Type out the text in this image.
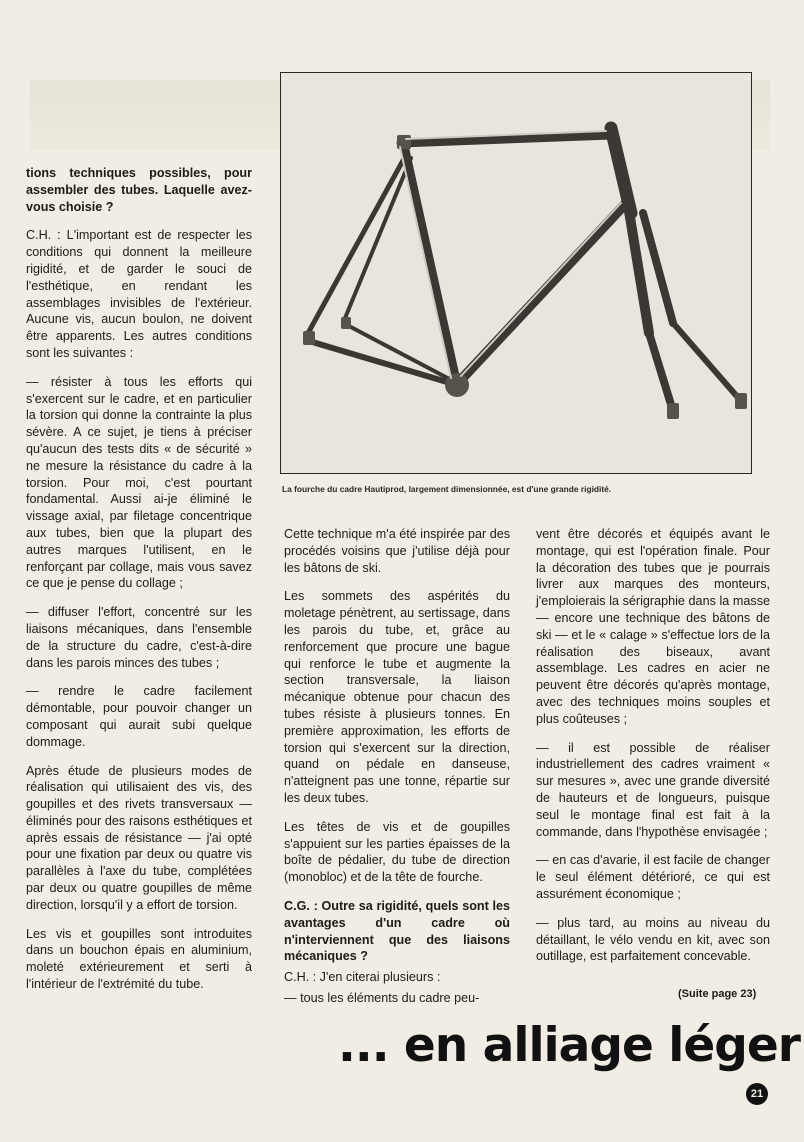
tions techniques possibles, pour assembler des tubes. Laquelle avez-vous choisie ?

C.H. : L'important est de respecter les conditions qui donnent la meilleure rigidité, et de garder le souci de l'esthétique, en rendant les assemblages invisibles de l'extérieur. Aucune vis, aucun boulon, ne doivent être apparents. Les autres conditions sont les suivantes :

— résister à tous les efforts qui s'exercent sur le cadre, et en particulier la torsion qui donne la contrainte la plus sévère. A ce sujet, je tiens à préciser qu'aucun des tests dits « de sécurité » ne mesure la résistance du cadre à la torsion. Pour moi, c'est pourtant fondamental. Aussi ai-je éliminé le vissage axial, par filetage concentrique aux tubes, bien que la plupart des autres marques l'utilisent, en le renforçant par collage, mais vous savez ce que je pense du collage ;

— diffuser l'effort, concentré sur les liaisons mécaniques, dans l'ensemble de la structure du cadre, c'est-à-dire dans les parois minces des tubes ;

— rendre le cadre facilement démontable, pour pouvoir changer un composant qui aurait subi quelque dommage.

Après étude de plusieurs modes de réalisation qui utilisaient des vis, des goupilles et des rivets transversaux — éliminés pour des raisons esthétiques et après essais de résistance — j'ai opté pour une fixation par deux ou quatre vis parallèles à l'axe du tube, complétées par deux ou quatre goupilles de même direction, lorsqu'il y a effort de torsion.

Les vis et goupilles sont introduites dans un bouchon épais en aluminium, moleté extérieurement et serti à l'intérieur de l'extrémité du tube.

La fourche du cadre Hautiprod, largement dimensionnée, est d'une grande rigidité.

Cette technique m'a été inspirée par des procédés voisins que j'utilise déjà pour les bâtons de ski.

Les sommets des aspérités du moletage pénètrent, au sertissage, dans les parois du tube, et, grâce au renforcement que procure une bague qui renforce le tube et augmente la section transversale, la liaison mécanique obtenue pour chacun des tubes résiste à plusieurs tonnes. En première approximation, les efforts de torsion qui s'exercent sur la direction, quand on pédale en danseuse, n'atteignent pas une tonne, répartie sur les deux tubes.

Les têtes de vis et de goupilles s'appuient sur les parties épaisses de la boîte de pédalier, du tube de direction (monobloc) et de la tête de fourche.

C.G. : Outre sa rigidité, quels sont les avantages d'un cadre où n'interviennent que des liaisons mécaniques ?

C.H. : J'en citerai plusieurs :

— tous les éléments du cadre peu-

vent être décorés et équipés avant le montage, qui est l'opération finale. Pour la décoration des tubes que je pourrais livrer aux marques des monteurs, j'emploierais la sérigraphie dans la masse — encore une technique des bâtons de ski — et le « calage » s'effectue lors de la réalisation des biseaux, avant assemblage. Les cadres en acier ne peuvent être décorés qu'après montage, avec des techniques moins souples et plus coûteuses ;

— il est possible de réaliser industriellement des cadres vraiment « sur mesures », avec une grande diversité de hauteurs et de longueurs, puisque seul le montage final est fait à la commande, dans l'hypothèse envisagée ;

— en cas d'avarie, il est facile de changer le seul élément détérioré, ce qui est assurément économique ;

— plus tard, au moins au niveau du détaillant, le vélo vendu en kit, avec son outillage, est parfaitement concevable.

(Suite page 23)
... en alliage léger
21
